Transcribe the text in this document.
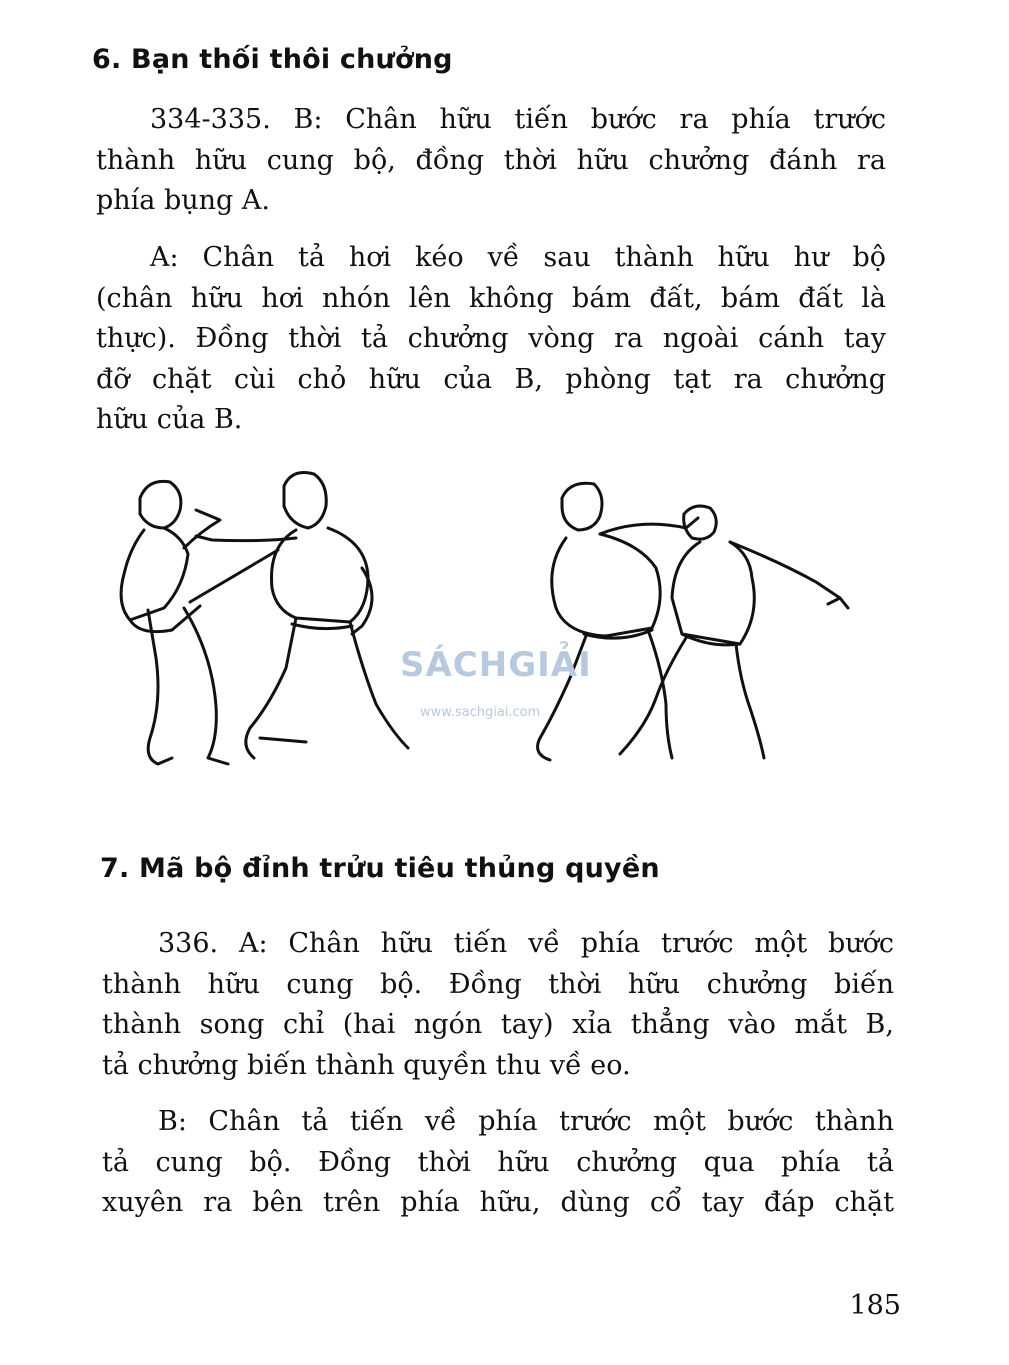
6. Bạn thối thôi chưởng

334-335. B: Chân hữu tiến bước ra phía trước
thành hữu cung bộ, đồng thời hữu chưởng đánh ra
phía bụng A.

A: Chân tả hơi kéo về sau thành hữu hư bộ
(chân hữu hơi nhón lên không bám đất, bám đất là
thực). Đồng thời tả chưởng vòng ra ngoài cánh tay
đỡ chặt cùi chỏ hữu của B, phòng tạt ra chưởng
hữu của B.

SÁCHGIẢI
www.sachgiai.com
7. Mã bộ đỉnh trửu tiêu thủng quyền

336. A: Chân hữu tiến về phía trước một bước
thành hữu cung bộ. Đồng thời hữu chưởng biến
thành song chỉ (hai ngón tay) xỉa thẳng vào mắt B,
tả chưởng biến thành quyền thu về eo.

B: Chân tả tiến về phía trước một bước thành
tả cung bộ. Đồng thời hữu chưởng qua phía tả
xuyên ra bên trên phía hữu, dùng cổ tay đáp chặt

185
